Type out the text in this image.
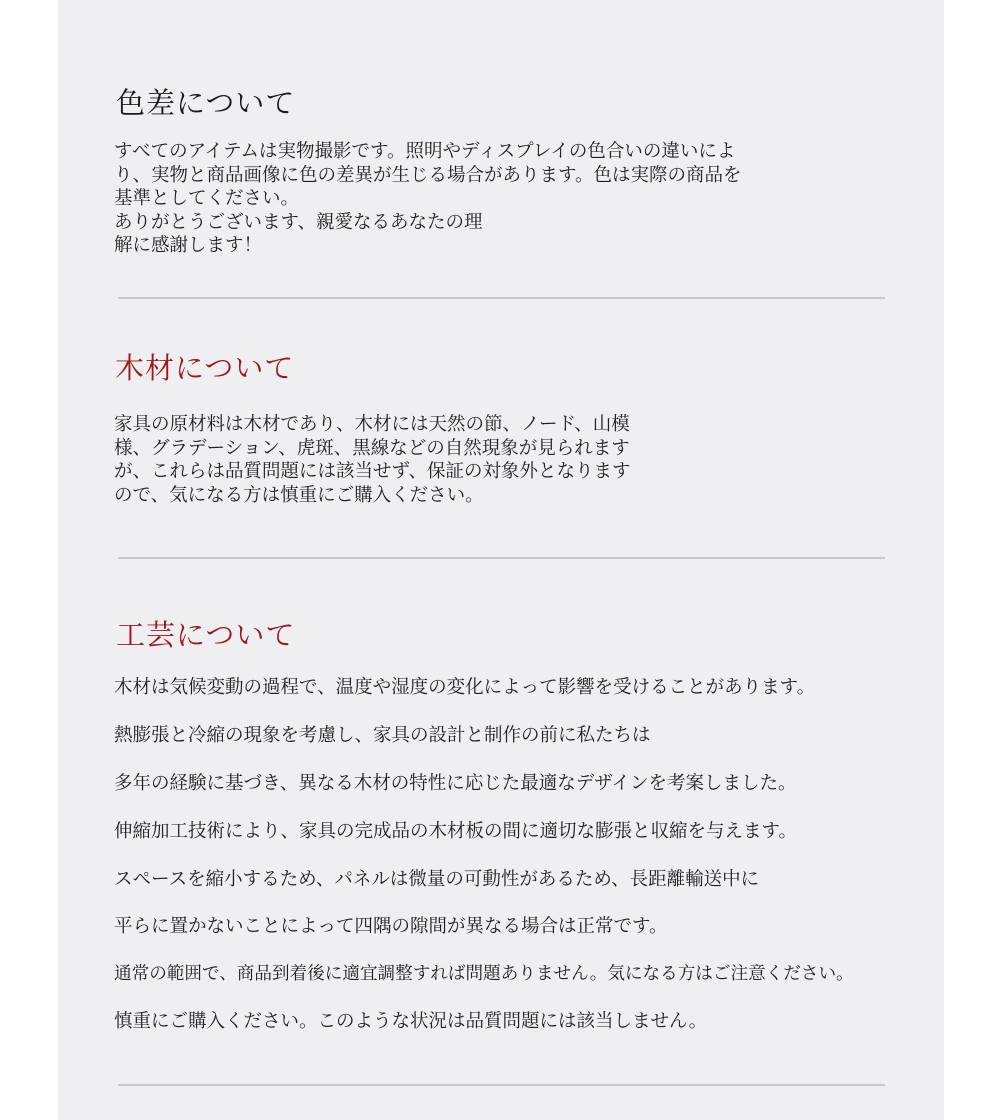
色差について
すべてのアイテムは実物撮影です。照明やディスプレイの色合いの違いによ
り、実物と商品画像に色の差異が生じる場合があります。色は実際の商品を
基準としてください。
ありがとうございます、親愛なるあなたの理
解に感謝します！
木材について
家具の原材料は木材であり、木材には天然の節、ノード、山模
様、グラデーション、虎斑、黒線などの自然現象が見られます
が、これらは品質問題には該当せず、保証の対象外となります
ので、気になる方は慎重にご購入ください。
工芸について
木材は気候変動の過程で、温度や湿度の変化によって影響を受けることがあります。
熱膨張と冷縮の現象を考慮し、家具の設計と制作の前に私たちは
多年の経験に基づき、異なる木材の特性に応じた最適なデザインを考案しました。
伸縮加工技術により、家具の完成品の木材板の間に適切な膨張と収縮を与えます。
スペースを縮小するため、パネルは微量の可動性があるため、長距離輸送中に
平らに置かないことによって四隅の隙間が異なる場合は正常です。
通常の範囲で、商品到着後に適宜調整すれば問題ありません。気になる方はご注意ください。
慎重にご購入ください。このような状況は品質問題には該当しません。
